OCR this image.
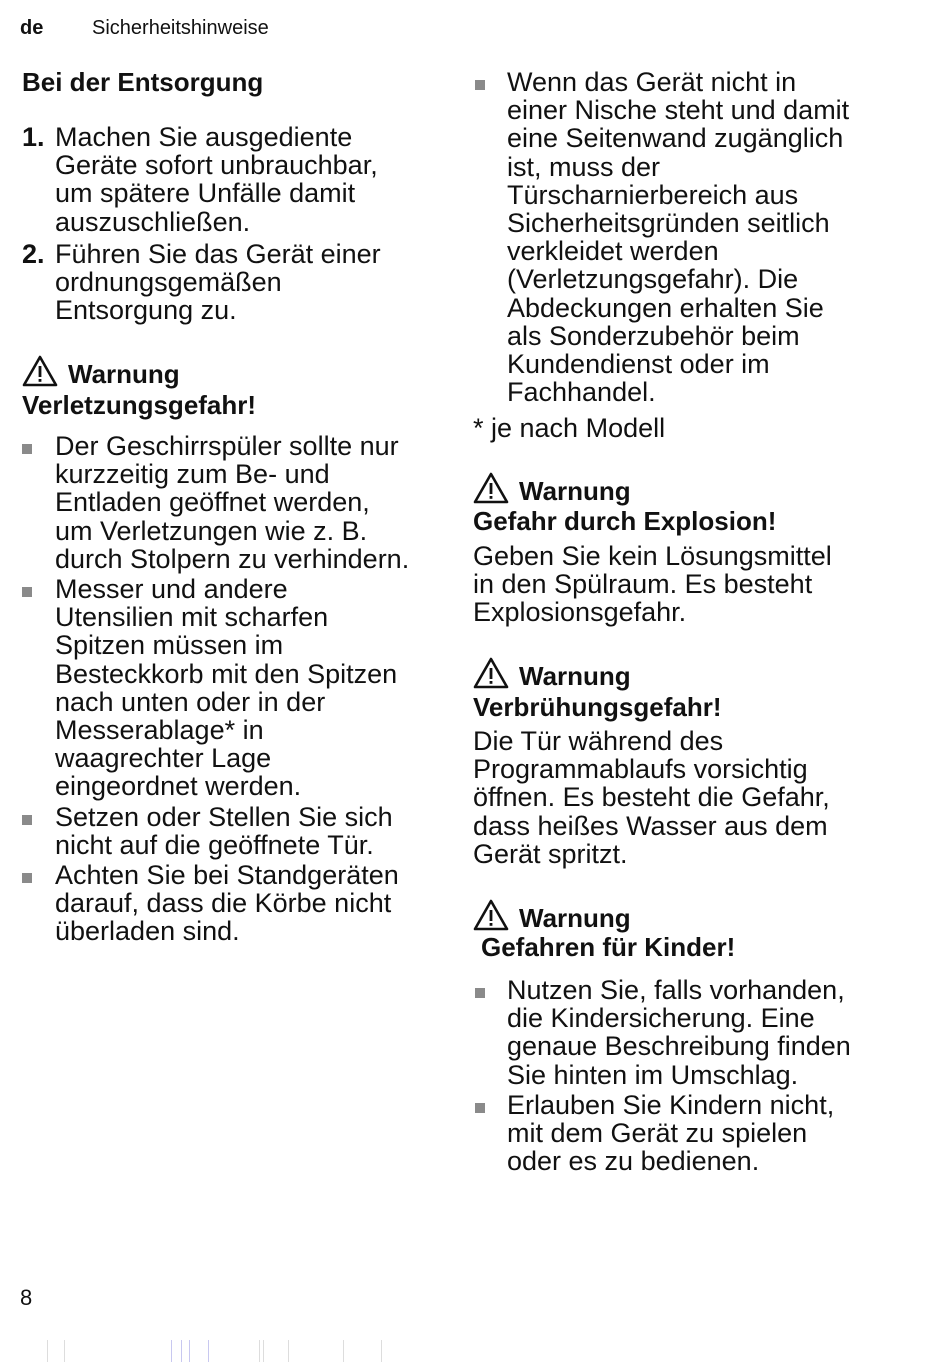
de Sicherheitshinweise
Bei der Entsorgung
1. Machen Sie ausgediente
Geräte sofort unbrauchbar,
um spätere Unfälle damit
auszuschließen.
2. Führen Sie das Gerät einer
ordnungsgemäßen
Entsorgung zu.
Warnung
Verletzungsgefahr!
Der Geschirrspüler sollte nur
kurzzeitig zum Be- und
Entladen geöffnet werden,
um Verletzungen wie z. B.
durch Stolpern zu verhindern.
Messer und andere
Utensilien mit scharfen
Spitzen müssen im
Besteckkorb mit den Spitzen
nach unten oder in der
Messerablage* in
waagrechter Lage
eingeordnet werden.
Setzen oder Stellen Sie sich
nicht auf die geöffnete Tür.
Achten Sie bei Standgeräten
darauf, dass die Körbe nicht
überladen sind.
Wenn das Gerät nicht in
einer Nische steht und damit
eine Seitenwand zugänglich
ist, muss der
Türscharnierbereich aus
Sicherheitsgründen seitlich
verkleidet werden
(Verletzungsgefahr). Die
Abdeckungen erhalten Sie
als Sonderzubehör beim
Kundendienst oder im
Fachhandel.
* je nach Modell
Warnung
Gefahr durch Explosion!
Geben Sie kein Lösungsmittel
in den Spülraum. Es besteht
Explosionsgefahr.
Warnung
Verbrühungsgefahr!
Die Tür während des
Programmablaufs vorsichtig
öffnen. Es besteht die Gefahr,
dass heißes Wasser aus dem
Gerät spritzt.
Warnung
Gefahren für Kinder!
Nutzen Sie, falls vorhanden,
die Kindersicherung. Eine
genaue Beschreibung finden
Sie hinten im Umschlag.
Erlauben Sie Kindern nicht,
mit dem Gerät zu spielen
oder es zu bedienen.
8
